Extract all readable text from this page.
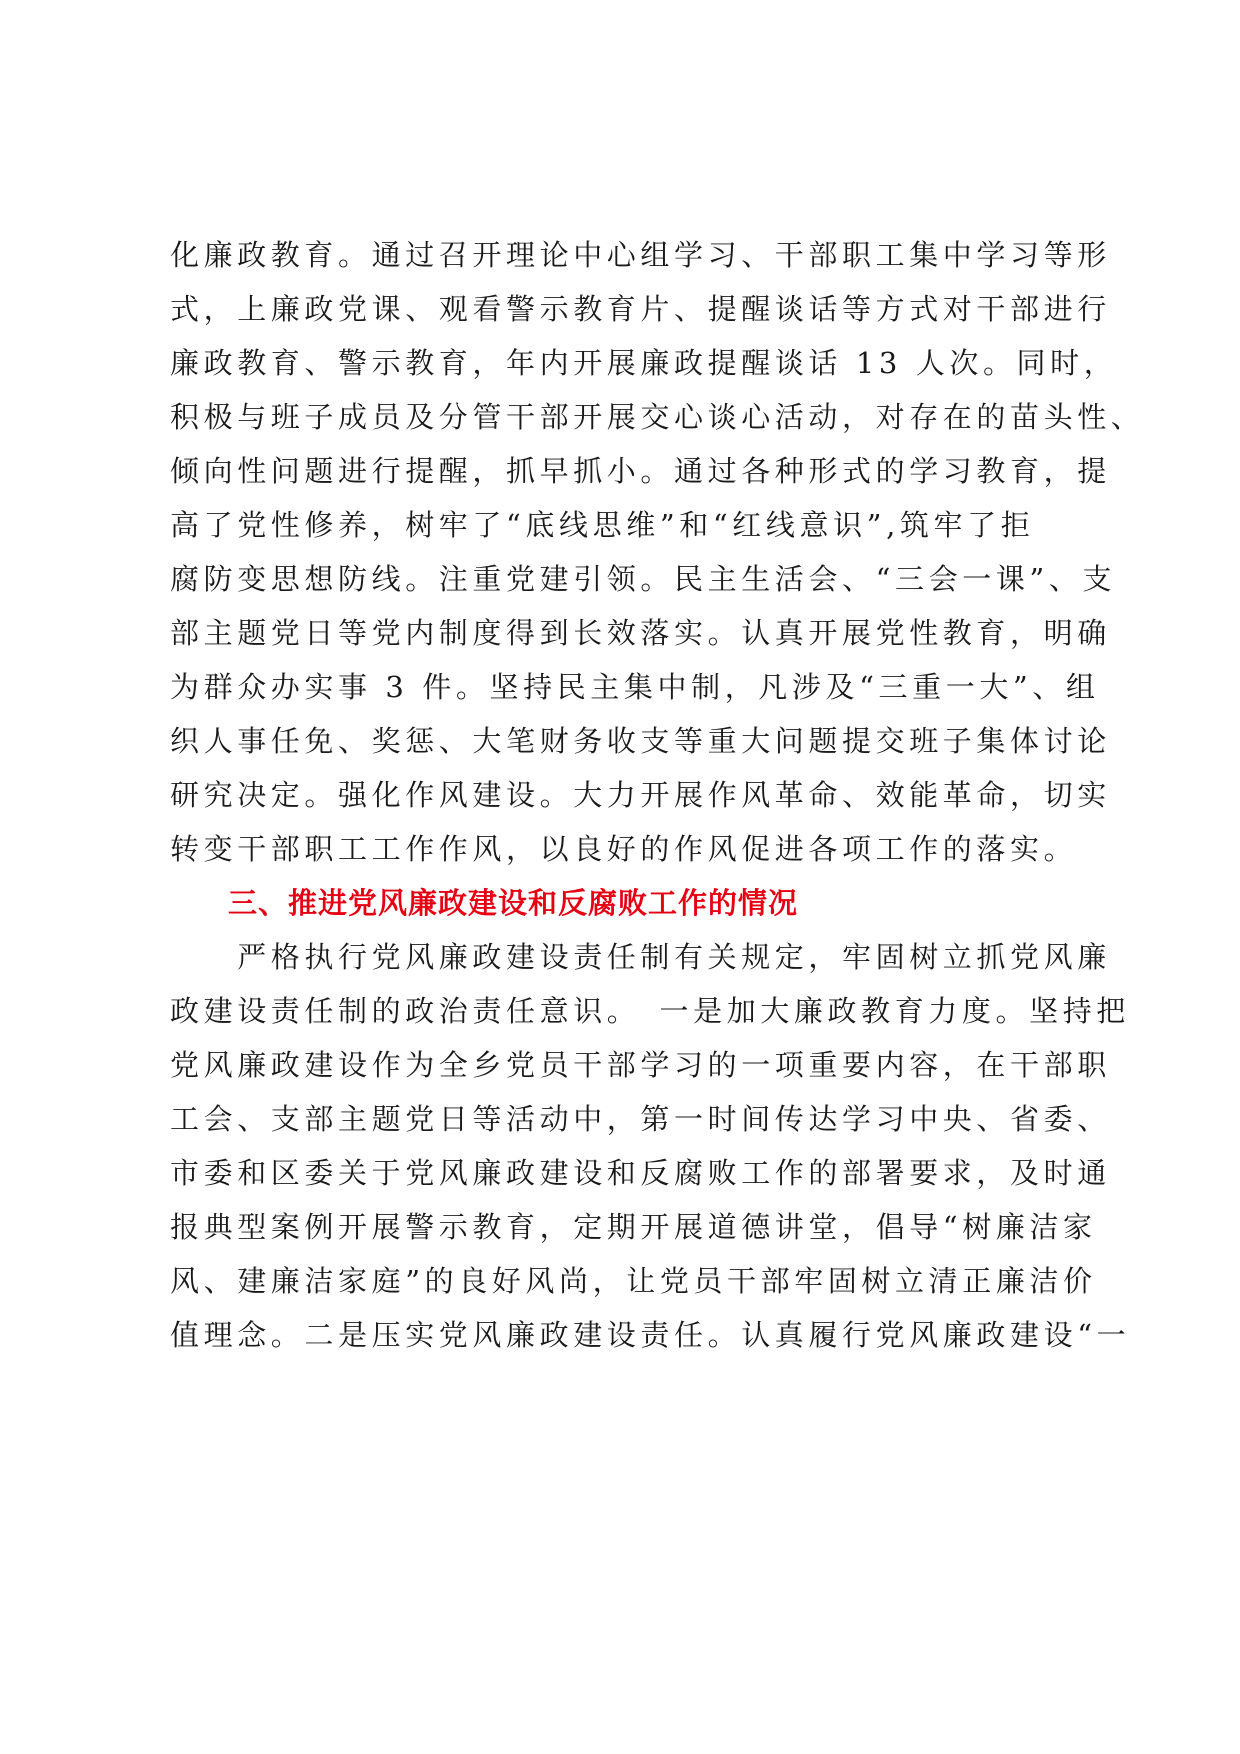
化廉政教育。通过召开理论中心组学习、干部职工集中学习等形
式，上廉政党课、观看警示教育片、提醒谈话等方式对干部进行
廉政教育、警示教育，年内开展廉政提醒谈话 13 人次。同时，
积极与班子成员及分管干部开展交心谈心活动，对存在的苗头性、
倾向性问题进行提醒，抓早抓小。通过各种形式的学习教育，提
高了党性修养，树牢了“底线思维”和“红线意识”,筑牢了拒
腐防变思想防线。注重党建引领。民主生活会、“三会一课”、支
部主题党日等党内制度得到长效落实。认真开展党性教育，明确
为群众办实事 3 件。坚持民主集中制，凡涉及“三重一大”、组
织人事任免、奖惩、大笔财务收支等重大问题提交班子集体讨论
研究决定。强化作风建设。大力开展作风革命、效能革命，切实
转变干部职工工作作风，以良好的作风促进各项工作的落实。
三、推进党风廉政建设和反腐败工作的情况
　　严格执行党风廉政建设责任制有关规定，牢固树立抓党风廉
政建设责任制的政治责任意识。　一是加大廉政教育力度。坚持把
党风廉政建设作为全乡党员干部学习的一项重要内容，在干部职
工会、支部主题党日等活动中，第一时间传达学习中央、省委、
市委和区委关于党风廉政建设和反腐败工作的部署要求，及时通
报典型案例开展警示教育，定期开展道德讲堂，倡导“树廉洁家
风、建廉洁家庭”的良好风尚，让党员干部牢固树立清正廉洁价
值理念。二是压实党风廉政建设责任。认真履行党风廉政建设“一
